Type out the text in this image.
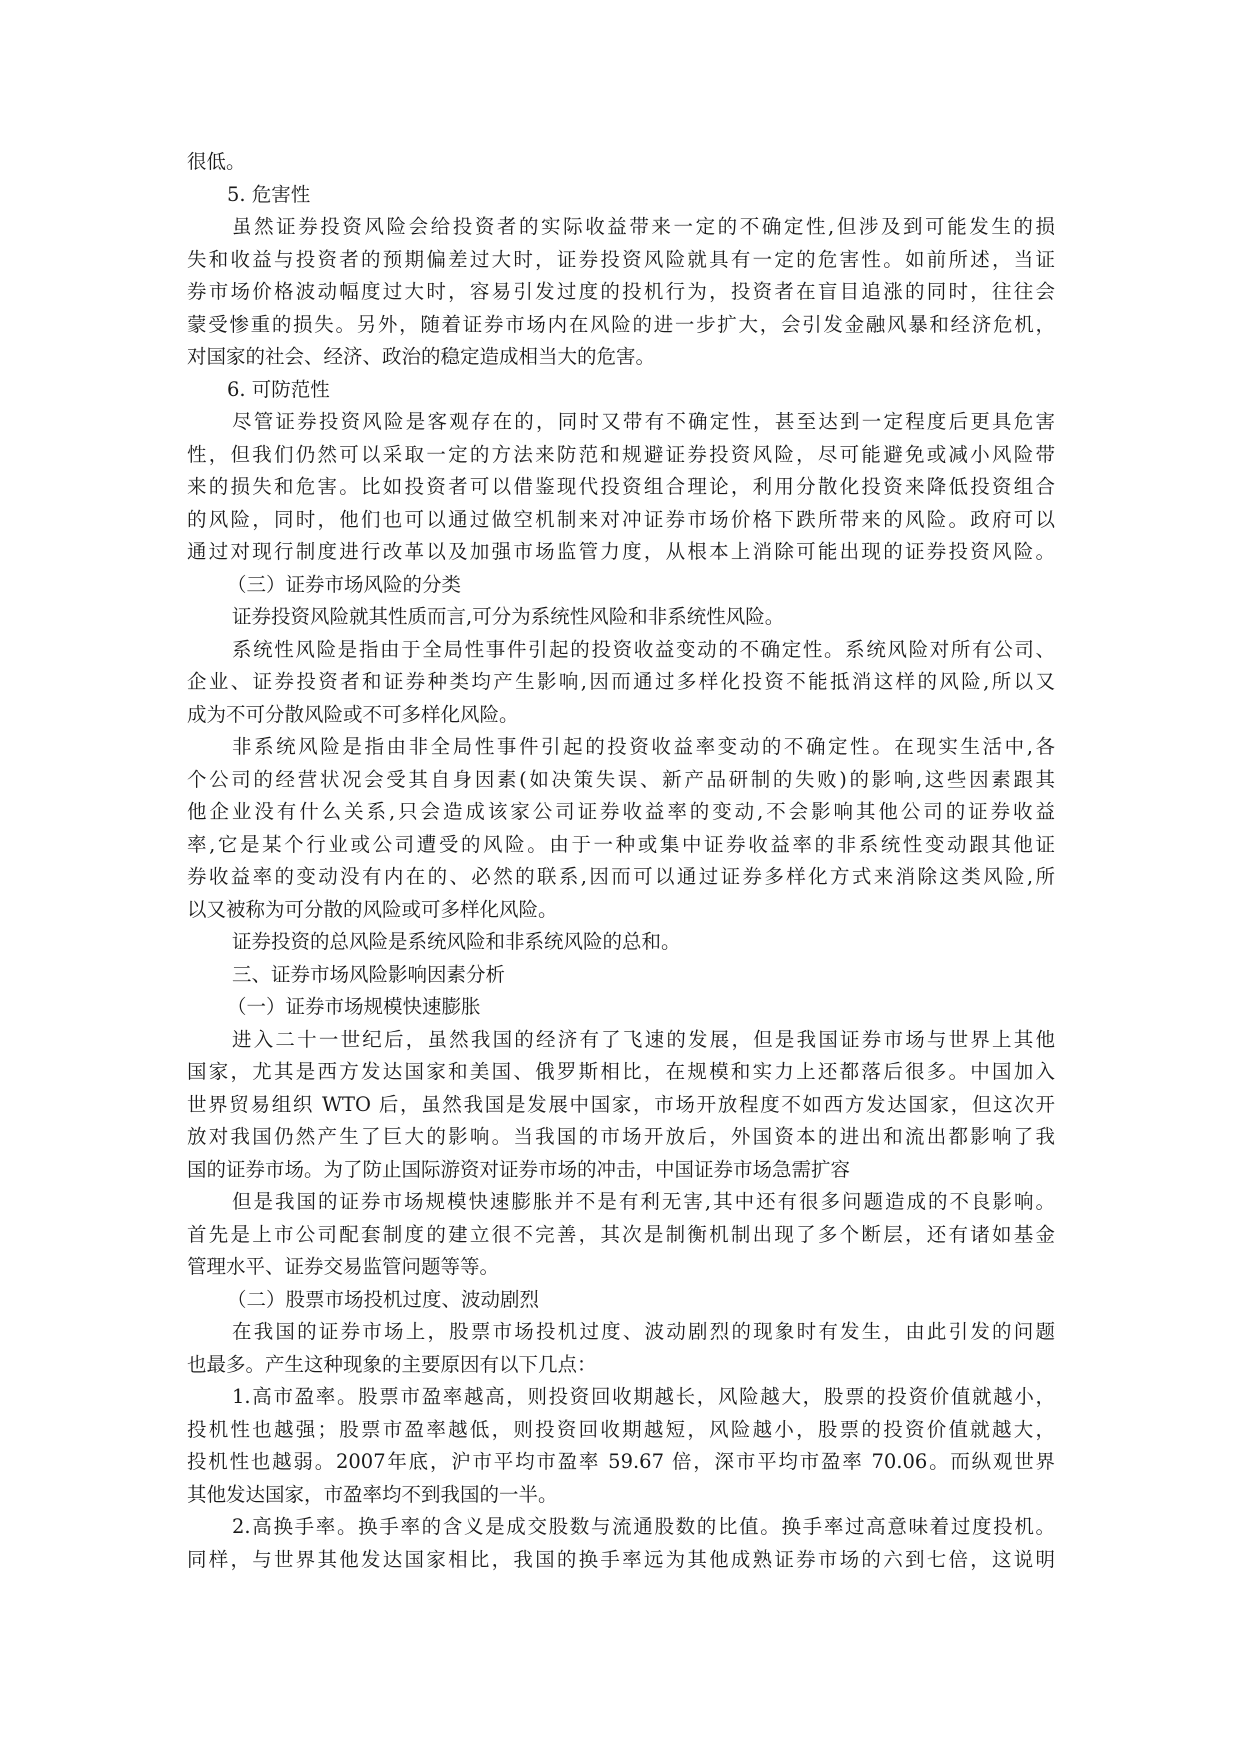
很低。
5. 危害性
虽然证券投资风险会给投资者的实际收益带来一定的不确定性,但涉及到可能发生的损
失和收益与投资者的预期偏差过大时，证券投资风险就具有一定的危害性。如前所述，当证
券市场价格波动幅度过大时，容易引发过度的投机行为，投资者在盲目追涨的同时，往往会
蒙受惨重的损失。另外，随着证券市场内在风险的进一步扩大，会引发金融风暴和经济危机，
对国家的社会、经济、政治的稳定造成相当大的危害。
6. 可防范性
尽管证券投资风险是客观存在的，同时又带有不确定性，甚至达到一定程度后更具危害
性，但我们仍然可以采取一定的方法来防范和规避证券投资风险，尽可能避免或减小风险带
来的损失和危害。比如投资者可以借鉴现代投资组合理论，利用分散化投资来降低投资组合
的风险，同时，他们也可以通过做空机制来对冲证券市场价格下跌所带来的风险。政府可以
通过对现行制度进行改革以及加强市场监管力度，从根本上消除可能出现的证券投资风险。
（三）证券市场风险的分类
证券投资风险就其性质而言,可分为系统性风险和非系统性风险。
系统性风险是指由于全局性事件引起的投资收益变动的不确定性。系统风险对所有公司、
企业、证券投资者和证券种类均产生影响,因而通过多样化投资不能抵消这样的风险,所以又
成为不可分散风险或不可多样化风险。
非系统风险是指由非全局性事件引起的投资收益率变动的不确定性。在现实生活中,各
个公司的经营状况会受其自身因素(如决策失误、新产品研制的失败)的影响,这些因素跟其
他企业没有什么关系,只会造成该家公司证券收益率的变动,不会影响其他公司的证券收益
率,它是某个行业或公司遭受的风险。由于一种或集中证券收益率的非系统性变动跟其他证
券收益率的变动没有内在的、必然的联系,因而可以通过证券多样化方式来消除这类风险,所
以又被称为可分散的风险或可多样化风险。
证券投资的总风险是系统风险和非系统风险的总和。
三、证券市场风险影响因素分析
（一）证券市场规模快速膨胀
进入二十一世纪后，虽然我国的经济有了飞速的发展，但是我国证券市场与世界上其他
国家，尤其是西方发达国家和美国、俄罗斯相比，在规模和实力上还都落后很多。中国加入
世界贸易组织 WTO 后，虽然我国是发展中国家，市场开放程度不如西方发达国家，但这次开
放对我国仍然产生了巨大的影响。当我国的市场开放后，外国资本的进出和流出都影响了我
国的证券市场。为了防止国际游资对证券市场的冲击，中国证券市场急需扩容
但是我国的证券市场规模快速膨胀并不是有利无害,其中还有很多问题造成的不良影响。
首先是上市公司配套制度的建立很不完善，其次是制衡机制出现了多个断层，还有诸如基金
管理水平、证券交易监管问题等等。
（二）股票市场投机过度、波动剧烈
在我国的证券市场上，股票市场投机过度、波动剧烈的现象时有发生，由此引发的问题
也最多。产生这种现象的主要原因有以下几点：
1.高市盈率。股票市盈率越高，则投资回收期越长，风险越大，股票的投资价值就越小，
投机性也越强；股票市盈率越低，则投资回收期越短，风险越小，股票的投资价值就越大，
投机性也越弱。2007年底，沪市平均市盈率 59.67 倍，深市平均市盈率 70.06。而纵观世界
其他发达国家，市盈率均不到我国的一半。
2.高换手率。换手率的含义是成交股数与流通股数的比值。换手率过高意味着过度投机。
同样，与世界其他发达国家相比，我国的换手率远为其他成熟证券市场的六到七倍，这说明
